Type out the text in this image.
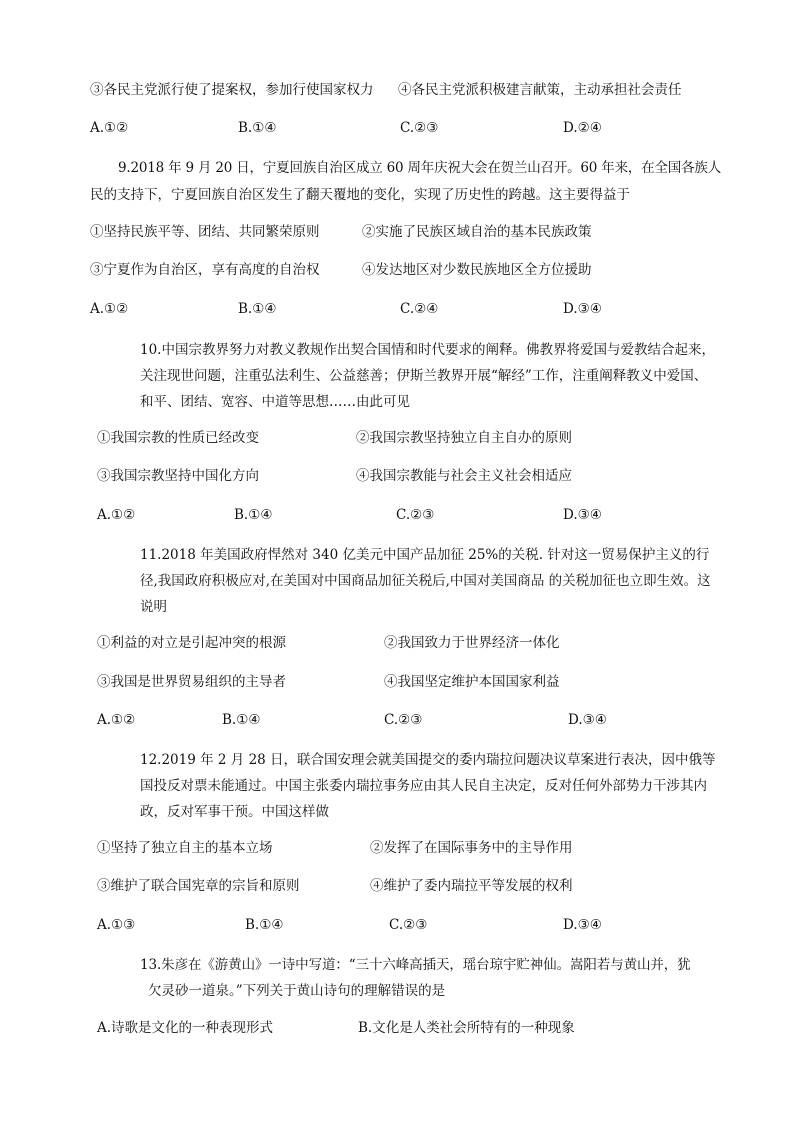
③各民主党派行使了提案权，参加行使国家权力 ④各民主党派积极建言献策，主动承担社会责任
A.①②	B.①④	C.②③	D.②④
9.2018 年 9 月 20 日，宁夏回族自治区成立 60 周年庆祝大会在贺兰山召开。60 年来，在全国各族人
民的支持下，宁夏回族自治区发生了翻天覆地的变化，实现了历史性的跨越。这主要得益于
①坚持民族平等、团结、共同繁荣原则	②实施了民族区域自治的基本民族政策
③宁夏作为自治区，享有高度的自治权	④发达地区对少数民族地区全方位援助
A.①②	B.①④	C.②④	D.③④
10.中国宗教界努力对教义教规作出契合国情和时代要求的阐释。佛教界将爱国与爱教结合起来，关注现世问题，注重弘法利生、公益慈善；伊斯兰教界开展“解经”工作，注重阐释教义中爱国、和平、团结、宽容、中道等思想……由此可见
①我国宗教的性质已经改变	②我国宗教坚持独立自主自办的原则
③我国宗教坚持中国化方向	④我国宗教能与社会主义社会相适应
A.①②	B.①④	C.②③	D.③④
11.2018 年美国政府悍然对 340 亿美元中国产品加征 25%的关税. 针对这一贸易保护主义的行径,我国政府积极应对,在美国对中国商品加征关税后,中国对美国商品 的关税加征也立即生效。这说明
①利益的对立是引起冲突的根源	②我国致力于世界经济一体化
③我国是世界贸易组织的主导者	④我国坚定维护本国国家利益
A.①②	B.①④	C.②③	D.③④
12.2019 年 2 月 28 日，联合国安理会就美国提交的委内瑞拉问题决议草案进行表决，因中俄等国投反对票未能通过。中国主张委内瑞拉事务应由其人民自主决定，反对任何外部势力干涉其内政，反对军事干预。中国这样做
①坚持了独立自主的基本立场	②发挥了在国际事务中的主导作用
③维护了联合国宪章的宗旨和原则	④维护了委内瑞拉平等发展的权利
A.①③	B.①④	C.②③	D.③④
13.朱彦在《游黄山》一诗中写道：“三十六峰高插天，瑶台琼宇贮神仙。嵩阳若与黄山并，犹
欠灵砂一道泉。”下列关于黄山诗句的理解错误的是
A.诗歌是文化的一种表现形式	B.文化是人类社会所特有的一种现象
